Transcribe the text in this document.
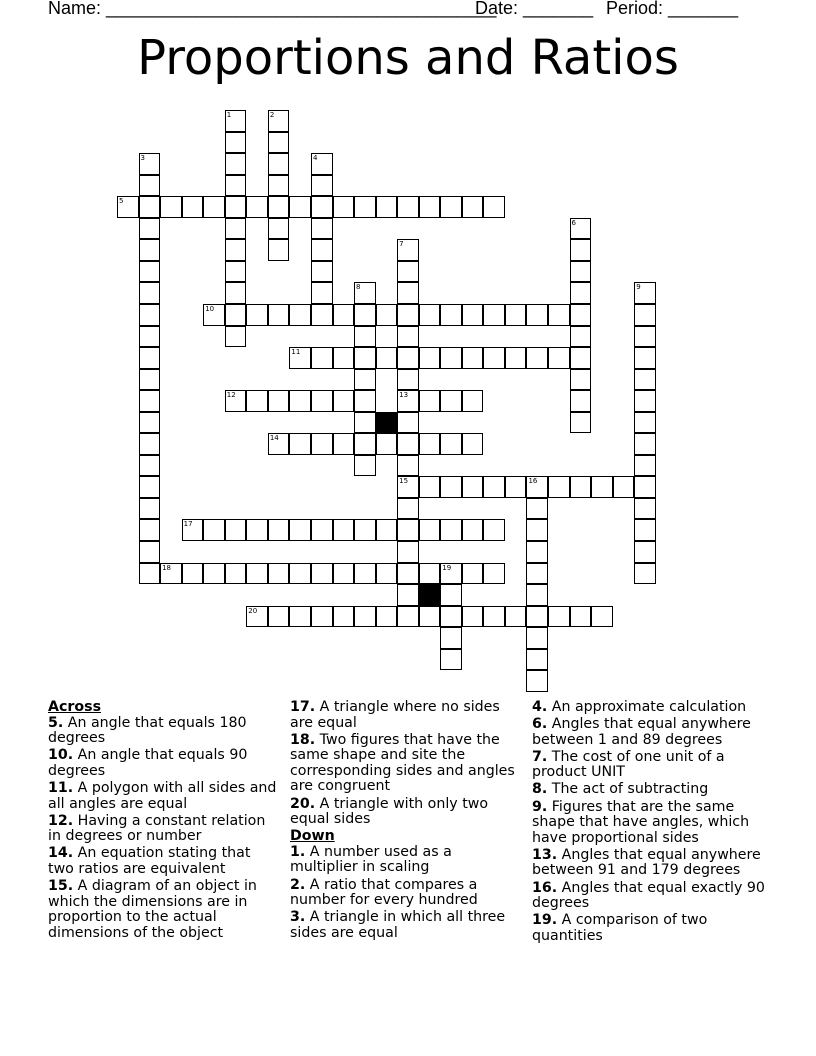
Name: _______________________________________
Date: _______ Period: _______
Proportions and Ratios
1	2
3	4
5
6
7
13
8	9
10
11
12
15
14
16
17
18	19
20
Across
5. An angle that equals 180 degrees
10. An angle that equals 90 degrees
11. A polygon with all sides and all angles are equal
12. Having a constant relation in degrees or number
14. An equation stating that two ratios are equivalent
15. A diagram of an object in which the dimensions are in proportion to the actual dimensions of the object
17. A triangle where no sides are equal
18. Two figures that have the same shape and site the corresponding sides and angles are congruent
20. A triangle with only two equal sides
Down
1. A number used as a multiplier in scaling
2. A ratio that compares a number for every hundred
3. A triangle in which all three sides are equal
4. An approximate calculation
6. Angles that equal anywhere between 1 and 89 degrees
7. The cost of one unit of a product UNIT
8. The act of subtracting
9. Figures that are the same shape that have angles, which have proportional sides
13. Angles that equal anywhere between 91 and 179 degrees
16. Angles that equal exactly 90 degrees
19. A comparison of two quantities
